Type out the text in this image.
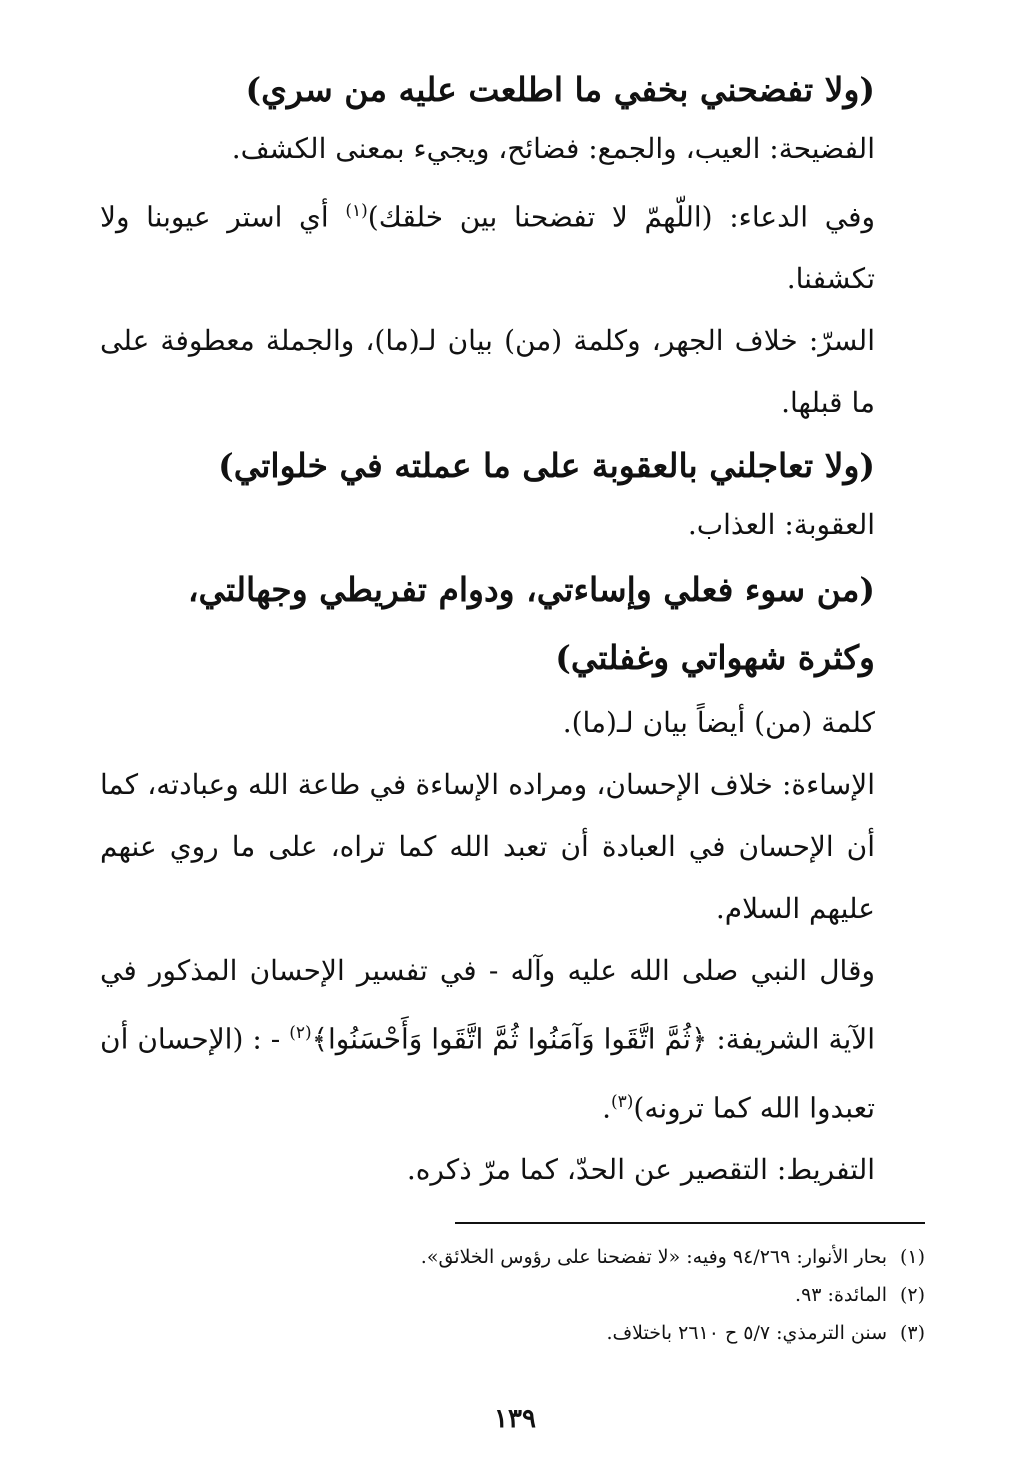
(ولا تفضحني بخفي ما اطلعت عليه من سري)

الفضيحة: العيب، والجمع: فضائح، ويجيء بمعنى الكشف.

وفي الدعاء: (اللّهمّ لا تفضحنا بين خلقك)$^{(١)}$ أي استر عيوبنا ولا تكشفنا.

السرّ: خلاف الجهر، وكلمة (من) بيان لـ(ما)، والجملة معطوفة على ما قبلها.

(ولا تعاجلني بالعقوبة على ما عملته في خلواتي)

العقوبة: العذاب.

(من سوء فعلي وإساءتي، ودوام تفريطي وجهالتي، وكثرة شهواتي وغفلتي)

كلمة (من) أيضاً بيان لـ(ما).

الإساءة: خلاف الإحسان، ومراده الإساءة في طاعة الله وعبادته، كما أن الإحسان في العبادة أن تعبد الله كما تراه، على ما روي عنهم عليهم السلام.

وقال النبي صلى الله عليه وآله - في تفسير الإحسان المذكور في الآية الشريفة: ﴿ثُمَّ اتَّقَوا وَآمَنُوا ثُمَّ اتَّقَوا وَأَحْسَنُوا﴾$^{(٢)}$ - : (الإحسان أن تعبدوا الله كما ترونه)$^{(٣)}$.

التفريط: التقصير عن الحدّ، كما مرّ ذكره.

(١)بحار الأنوار: ٩٤/٢٦٩ وفيه: «لا تفضحنا على رؤوس الخلائق».

(٢)المائدة: ٩٣.

(٣)سنن الترمذي: ٥/٧ ح ٢٦١٠ باختلاف.

١٣٩
